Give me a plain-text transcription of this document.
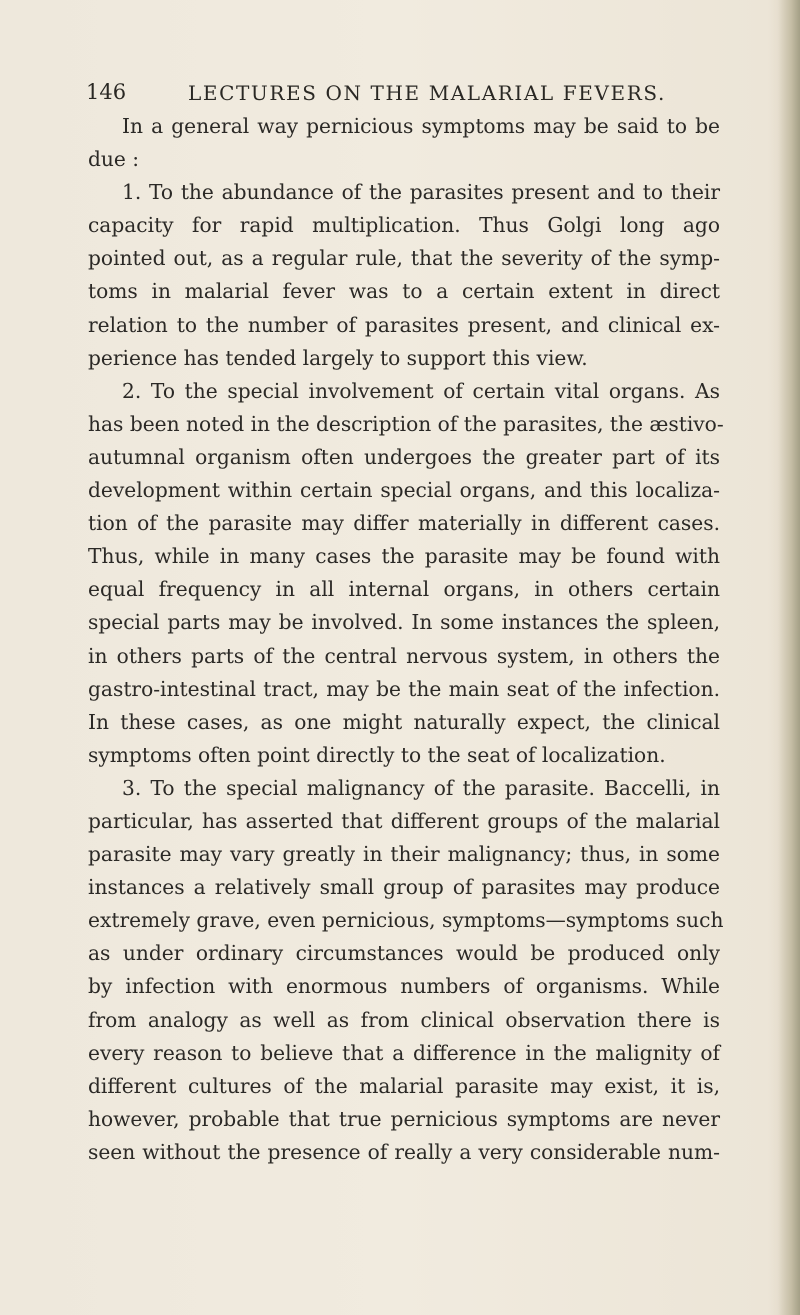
146	LECTURES ON THE MALARIAL FEVERS.
In a general way pernicious symptoms may be said to be
due :
1. To the abundance of the parasites present and to their
capacity for rapid multiplication. Thus Golgi long ago
pointed out, as a regular rule, that the severity of the symp-
toms in malarial fever was to a certain extent in direct
relation to the number of parasites present, and clinical ex-
perience has tended largely to support this view.
2. To the special involvement of certain vital organs. As
has been noted in the description of the parasites, the æstivo-
autumnal organism often undergoes the greater part of its
development within certain special organs, and this localiza-
tion of the parasite may differ materially in different cases.
Thus, while in many cases the parasite may be found with
equal frequency in all internal organs, in others certain
special parts may be involved. In some instances the spleen,
in others parts of the central nervous system, in others the
gastro-intestinal tract, may be the main seat of the infection.
In these cases, as one might naturally expect, the clinical
symptoms often point directly to the seat of localization.
3. To the special malignancy of the parasite. Baccelli, in
particular, has asserted that different groups of the malarial
parasite may vary greatly in their malignancy; thus, in some
instances a relatively small group of parasites may produce
extremely grave, even pernicious, symptoms—symptoms such
as under ordinary circumstances would be produced only
by infection with enormous numbers of organisms. While
from analogy as well as from clinical observation there is
every reason to believe that a difference in the malignity of
different cultures of the malarial parasite may exist, it is,
however, probable that true pernicious symptoms are never
seen without the presence of really a very considerable num-
